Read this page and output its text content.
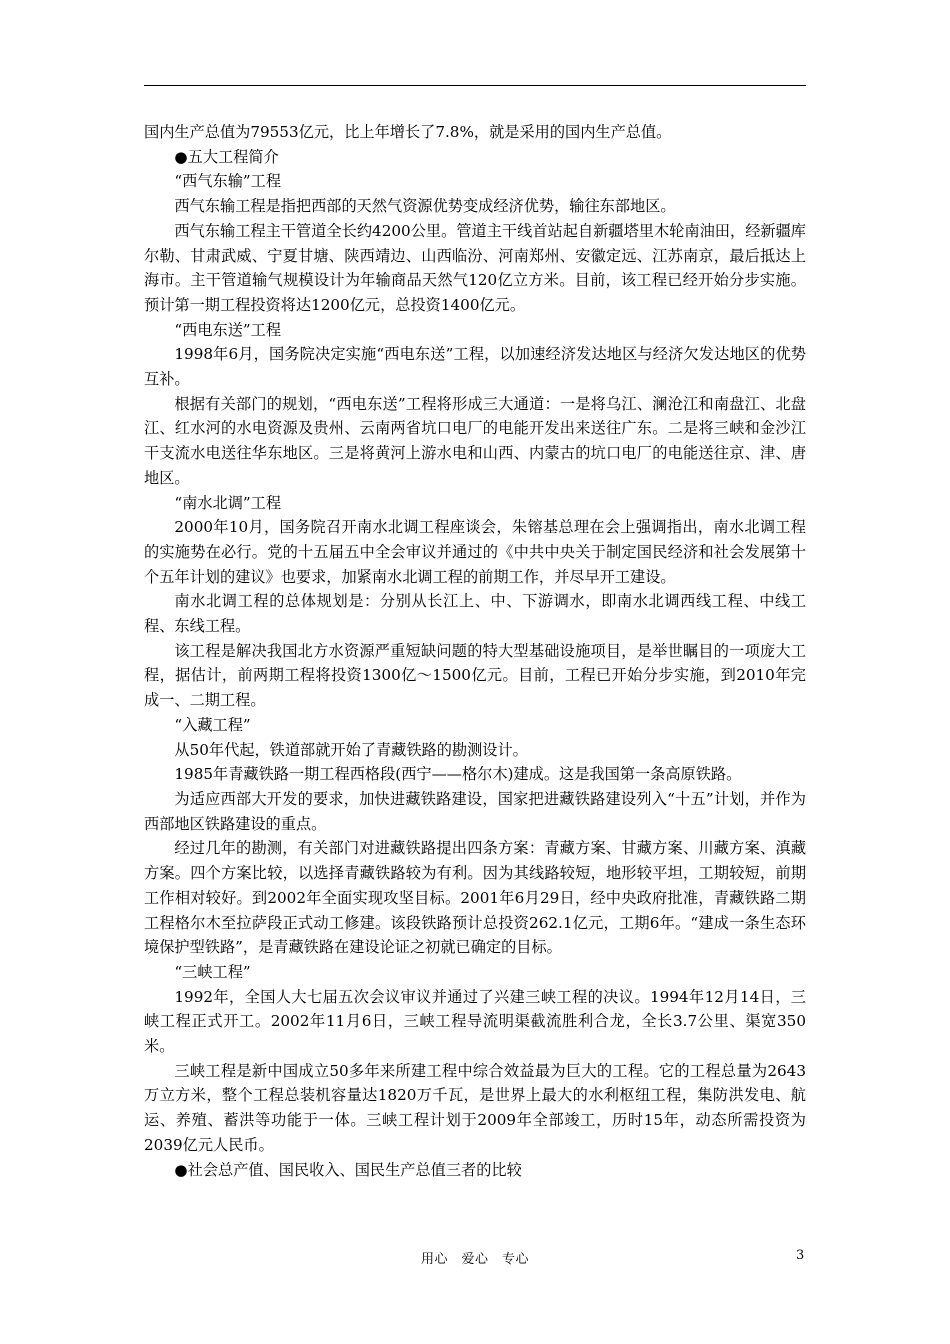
国内生产总值为79553亿元，比上年增长了7.8%，就是采用的国内生产总值。

●五大工程简介

“西气东输”工程

西气东输工程是指把西部的天然气资源优势变成经济优势，输往东部地区。

西气东输工程主干管道全长约4200公里。管道主干线首站起自新疆塔里木轮南油田，经新疆库尔勒、甘肃武威、宁夏甘塘、陕西靖边、山西临汾、河南郑州、安徽定远、江苏南京，最后抵达上海市。主干管道输气规模设计为年输商品天然气120亿立方米。目前，该工程已经开始分步实施。预计第一期工程投资将达1200亿元，总投资1400亿元。

“西电东送”工程

1998年6月，国务院决定实施“西电东送”工程，以加速经济发达地区与经济欠发达地区的优势互补。

根据有关部门的规划，“西电东送”工程将形成三大通道：一是将乌江、澜沧江和南盘江、北盘江、红水河的水电资源及贵州、云南两省坑口电厂的电能开发出来送往广东。二是将三峡和金沙江干支流水电送往华东地区。三是将黄河上游水电和山西、内蒙古的坑口电厂的电能送往京、津、唐地区。

“南水北调”工程

2000年10月，国务院召开南水北调工程座谈会，朱镕基总理在会上强调指出，南水北调工程的实施势在必行。党的十五届五中全会审议并通过的《中共中央关于制定国民经济和社会发展第十个五年计划的建议》也要求，加紧南水北调工程的前期工作，并尽早开工建设。

南水北调工程的总体规划是：分别从长江上、中、下游调水，即南水北调西线工程、中线工程、东线工程。

该工程是解决我国北方水资源严重短缺问题的特大型基础设施项目，是举世瞩目的一项庞大工程，据估计，前两期工程将投资1300亿～1500亿元。目前，工程已开始分步实施，到2010年完成一、二期工程。

“入藏工程”

从50年代起，铁道部就开始了青藏铁路的勘测设计。

1985年青藏铁路一期工程西格段(西宁——格尔木)建成。这是我国第一条高原铁路。

为适应西部大开发的要求，加快进藏铁路建设，国家把进藏铁路建设列入“十五”计划，并作为西部地区铁路建设的重点。

经过几年的勘测，有关部门对进藏铁路提出四条方案：青藏方案、甘藏方案、川藏方案、滇藏方案。四个方案比较，以选择青藏铁路较为有利。因为其线路较短，地形较平坦，工期较短，前期工作相对较好。到2002年全面实现攻坚目标。2001年6月29日，经中央政府批准，青藏铁路二期工程格尔木至拉萨段正式动工修建。该段铁路预计总投资262.1亿元，工期6年。“建成一条生态环境保护型铁路”，是青藏铁路在建设论证之初就已确定的目标。

“三峡工程”

1992年，全国人大七届五次会议审议并通过了兴建三峡工程的决议。1994年12月14日，三峡工程正式开工。2002年11月6日，三峡工程导流明渠截流胜利合龙，全长3.7公里、渠宽350米。

三峡工程是新中国成立50多年来所建工程中综合效益最为巨大的工程。它的工程总量为2643万立方米，整个工程总装机容量达1820万千瓦，是世界上最大的水利枢纽工程，集防洪发电、航运、养殖、蓄洪等功能于一体。三峡工程计划于2009年全部竣工，历时15年，动态所需投资为2039亿元人民币。

●社会总产值、国民收入、国民生产总值三者的比较

用心　爱心　专心	3
